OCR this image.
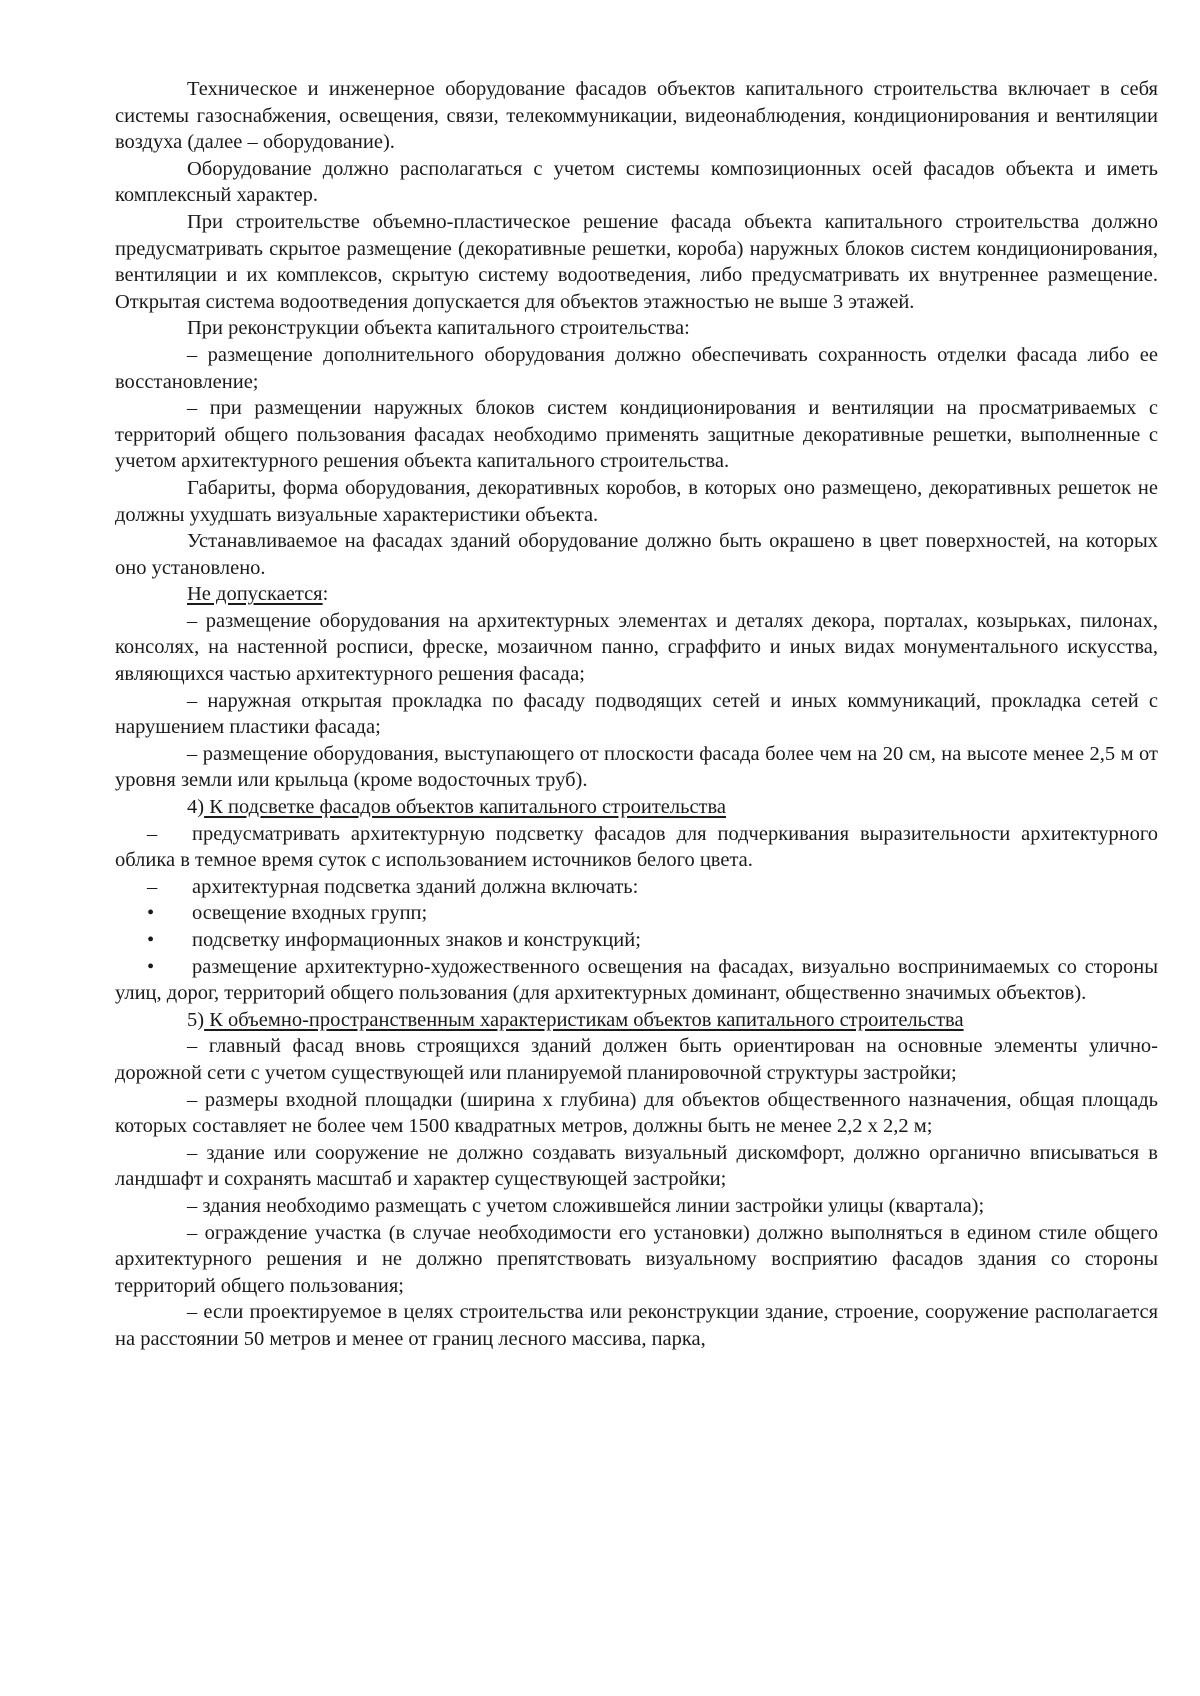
Техническое и инженерное оборудование фасадов объектов капитального строительства включает в себя системы газоснабжения, освещения, связи, телекоммуникации, видеонаблюдения, кондиционирования и вентиляции воздуха (далее – оборудование).

Оборудование должно располагаться с учетом системы композиционных осей фасадов объекта и иметь комплексный характер.

При строительстве объемно-пластическое решение фасада объекта капитального строительства должно предусматривать скрытое размещение (декоративные решетки, короба) наружных блоков систем кондиционирования, вентиляции и их комплексов, скрытую систему водоотведения, либо предусматривать их внутреннее размещение. Открытая система водоотведения допускается для объектов этажностью не выше 3 этажей.

При реконструкции объекта капитального строительства:

– размещение дополнительного оборудования должно обеспечивать сохранность отделки фасада либо ее восстановление;

– при размещении наружных блоков систем кондиционирования и вентиляции на просматриваемых с территорий общего пользования фасадах необходимо применять защитные декоративные решетки, выполненные с учетом архитектурного решения объекта капитального строительства.

Габариты, форма оборудования, декоративных коробов, в которых оно размещено, декоративных решеток не должны ухудшать визуальные характеристики объекта.

Устанавливаемое на фасадах зданий оборудование должно быть окрашено в цвет поверхностей, на которых оно установлено.

Не допускается:

– размещение оборудования на архитектурных элементах и деталях декора, порталах, козырьках, пилонах, консолях, на настенной росписи, фреске, мозаичном панно, сграффито и иных видах монументального искусства, являющихся частью архитектурного решения фасада;

– наружная открытая прокладка по фасаду подводящих сетей и иных коммуникаций, прокладка сетей с нарушением пластики фасада;

– размещение оборудования, выступающего от плоскости фасада более чем на 20 см, на высоте менее 2,5 м от уровня земли или крыльца (кроме водосточных труб).

4) К подсветке фасадов объектов капитального строительства

–	предусматривать архитектурную подсветку фасадов для подчеркивания выразительности архитектурного облика в темное время суток с использованием источников белого цвета.

–	архитектурная подсветка зданий должна включать:

•	освещение входных групп;

•	подсветку информационных знаков и конструкций;

•	размещение архитектурно-художественного освещения на фасадах, визуально воспринимаемых со стороны улиц, дорог, территорий общего пользования (для архитектурных доминант, общественно значимых объектов).

5) К объемно-пространственным характеристикам объектов капитального строительства

– главный фасад вновь строящихся зданий должен быть ориентирован на основные элементы улично-дорожной сети с учетом существующей или планируемой планировочной структуры застройки;

– размеры входной площадки (ширина х глубина) для объектов общественного назначения, общая площадь которых составляет не более чем 1500 квадратных метров, должны быть не менее 2,2 х 2,2 м;

– здание или сооружение не должно создавать визуальный дискомфорт, должно органично вписываться в ландшафт и сохранять масштаб и характер существующей застройки;

– здания необходимо размещать с учетом сложившейся линии застройки улицы (квартала);

– ограждение участка (в случае необходимости его установки) должно выполняться в едином стиле общего архитектурного решения и не должно препятствовать визуальному восприятию фасадов здания со стороны территорий общего пользования;

– если проектируемое в целях строительства или реконструкции здание, строение, сооружение располагается на расстоянии 50 метров и менее от границ лесного массива, парка,
